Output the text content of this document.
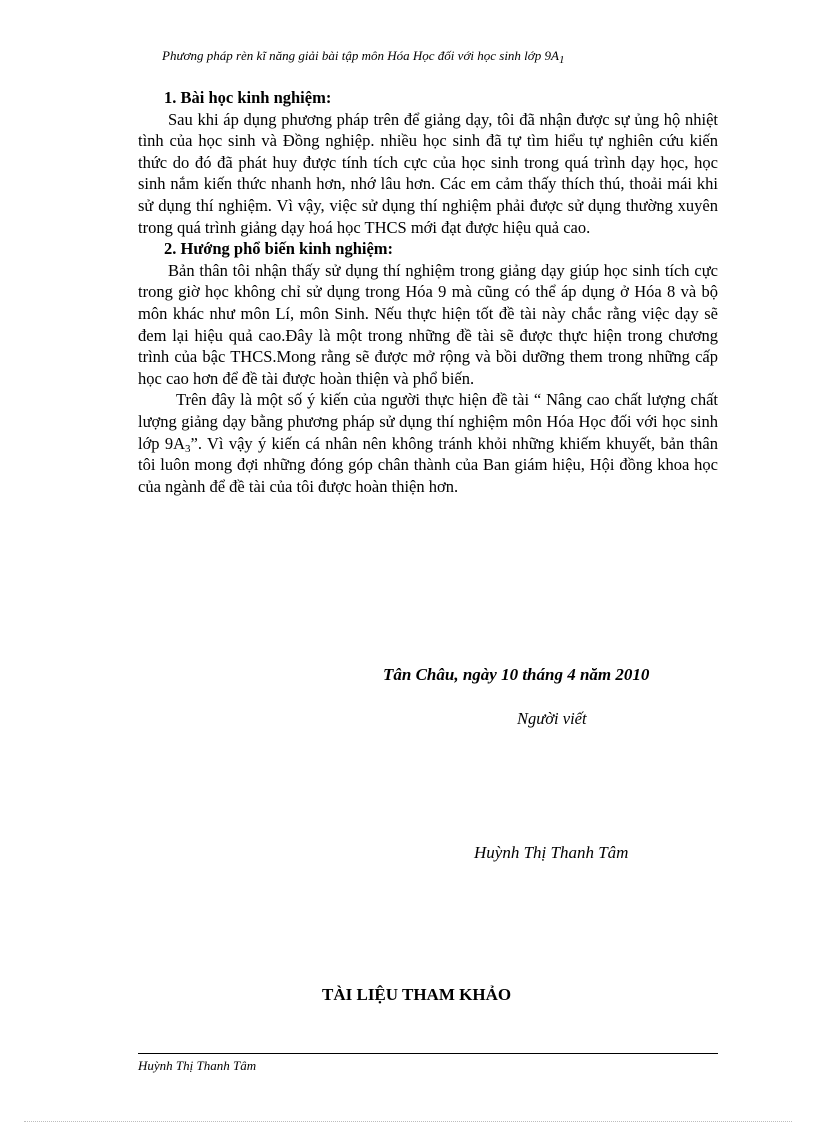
Phương pháp rèn kĩ năng giải bài tập môn Hóa Học đối với học sinh lớp $9A_1$

1. Bài học kinh nghiệm:

Sau khi áp dụng phương pháp trên để giảng dạy, tôi đã nhận được sự ủng hộ nhiệt tình của học sinh và Đồng nghiệp. nhiều học sinh đã tự tìm hiểu tự nghiên cứu kiến thức do đó đã phát huy được tính tích cực của học sinh trong quá trình dạy học, học sinh nắm kiến thức nhanh hơn, nhớ lâu hơn. Các em cảm thấy thích thú, thoải mái khi sử dụng thí nghiệm. Vì vậy, việc sử dụng thí nghiệm phải được sử dụng thường xuyên trong quá trình giảng dạy hoá học THCS mới đạt được hiệu quả cao.

2. Hướng phổ biến kinh nghiệm:

Bản thân tôi nhận thấy sử dụng thí nghiệm trong giảng dạy giúp học sinh tích cực trong giờ học không chỉ sử dụng trong Hóa 9 mà cũng có thể áp dụng ở Hóa 8 và bộ môn khác như môn Lí, môn Sinh. Nếu thực hiện tốt đề tài này chắc rằng việc dạy sẽ đem lại hiệu quả cao.Đây là một trong những đề tài sẽ được thực hiện trong chương trình của bậc THCS.Mong rằng sẽ được mở rộng và bồi dưỡng them trong những cấp học cao hơn để đề tài được hoàn thiện và phổ biến.

Trên đây là một số ý kiến của người thực hiện đề tài “ Nâng cao chất lượng chất lượng giảng dạy bằng phương pháp sử dụng thí nghiệm môn Hóa Học đối với học sinh lớp $9A_3$”. Vì vậy ý kiến cá nhân nên không tránh khỏi những khiếm khuyết, bản thân tôi luôn mong đợi những đóng góp chân thành của Ban giám hiệu, Hội đồng khoa học của ngành để đề tài của tôi được hoàn thiện hơn.

Tân Châu, ngày 10 tháng 4 năm 2010
Người viết
Huỳnh Thị Thanh Tâm
TÀI LIỆU THAM KHẢO
Huỳnh Thị Thanh Tâm
